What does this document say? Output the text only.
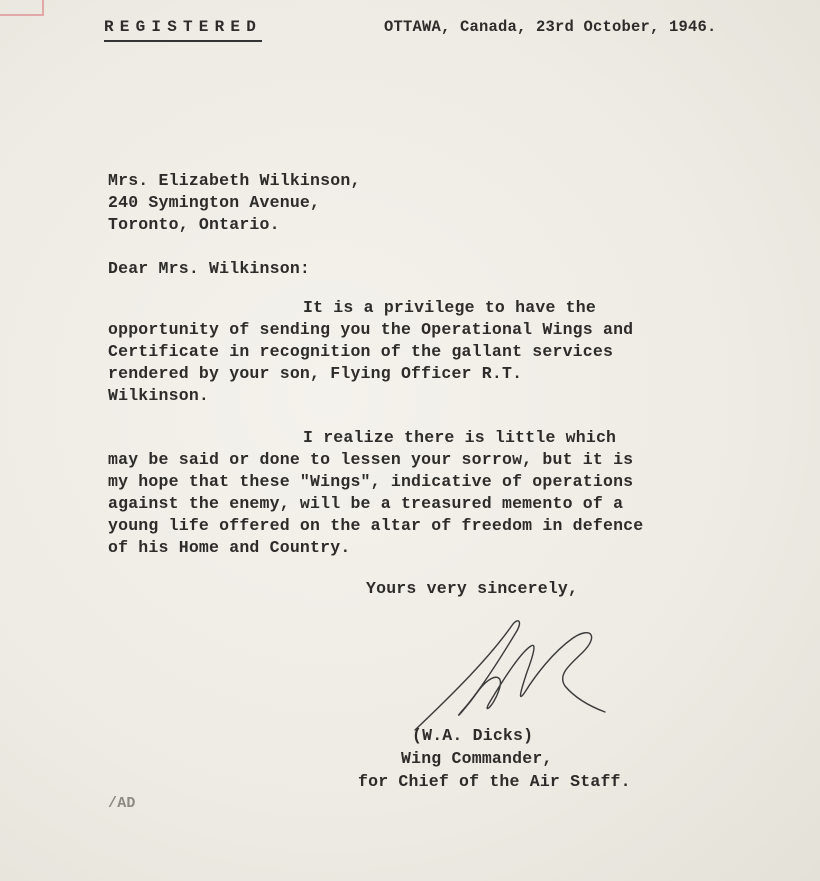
REGISTERED	OTTAWA, Canada, 23rd October, 1946.
Mrs. Elizabeth Wilkinson,
240 Symington Avenue,
Toronto, Ontario.
Dear Mrs. Wilkinson:
It is a privilege to have the
opportunity of sending you the Operational Wings and
Certificate in recognition of the gallant services
rendered by your son, Flying Officer R.T.
Wilkinson.
I realize there is little which
may be said or done to lessen your sorrow, but it is
my hope that these "Wings", indicative of operations
against the enemy, will be a treasured memento of a
young life offered on the altar of freedom in defence
of his Home and Country.
Yours very sincerely,
(W.A. Dicks)
Wing Commander,
for Chief of the Air Staff.
/AD
